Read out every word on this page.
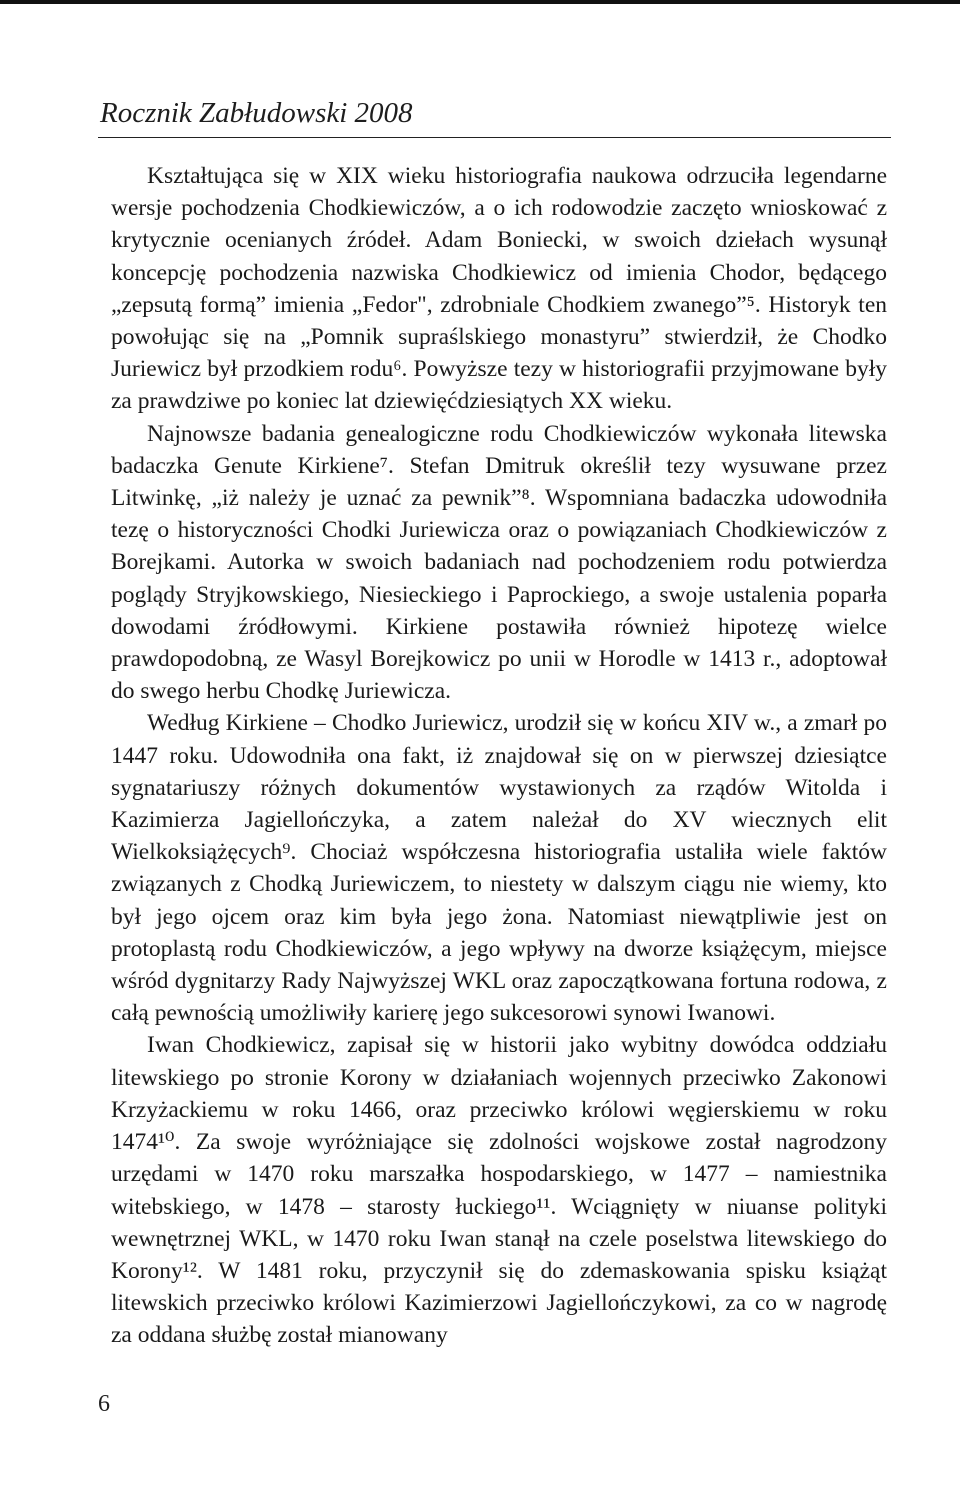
Rocznik Zabłudowski 2008

Kształtująca się w XIX wieku historiografia naukowa odrzuciła legendarne wersje pochodzenia Chodkiewiczów, a o ich rodowodzie zaczęto wnioskować z krytycznie ocenianych źródeł. Adam Boniecki, w swoich dziełach wysunął koncepcję pochodzenia nazwiska Chodkiewicz od imienia Chodor, będącego „zepsutą formą” imienia „Fedor", zdrobniale Chodkiem zwanego”⁵. Historyk ten powołując się na „Pomnik supraślskiego monastyru” stwierdził, że Chodko Juriewicz był przodkiem rodu⁶. Powyższe tezy w historiografii przyjmowane były za prawdziwe po koniec lat dziewięćdziesiątych XX wieku.

Najnowsze badania genealogiczne rodu Chodkiewiczów wykonała litewska badaczka Genute Kirkiene⁷. Stefan Dmitruk określił tezy wysuwane przez Litwinkę, „iż należy je uznać za pewnik”⁸. Wspomniana badaczka udowodniła tezę o historyczności Chodki Juriewicza oraz o powiązaniach Chodkiewiczów z Borejkami. Autorka w swoich badaniach nad pochodzeniem rodu potwierdza poglądy Stryjkowskiego, Niesieckiego i Paprockiego, a swoje ustalenia poparła dowodami źródłowymi. Kirkiene postawiła również hipotezę wielce prawdopodobną, ze Wasyl Borejkowicz po unii w Horodle w 1413 r., adoptował do swego herbu Chodkę Juriewicza.

Według Kirkiene – Chodko Juriewicz, urodził się w końcu XIV w., a zmarł po 1447 roku. Udowodniła ona fakt, iż znajdował się on w pierwszej dziesiątce sygnatariuszy różnych dokumentów wystawionych za rządów Witolda i Kazimierza Jagiellończyka, a zatem należał do XV wiecznych elit Wielkoksiążęcych⁹. Chociaż współczesna historiografia ustaliła wiele faktów związanych z Chodką Juriewiczem, to niestety w dalszym ciągu nie wiemy, kto był jego ojcem oraz kim była jego żona. Natomiast niewątpliwie jest on protoplastą rodu Chodkiewiczów, a jego wpływy na dworze książęcym, miejsce wśród dygnitarzy Rady Najwyższej WKL oraz zapoczątkowana fortuna rodowa, z całą pewnością umożliwiły karierę jego sukcesorowi synowi Iwanowi.

Iwan Chodkiewicz, zapisał się w historii jako wybitny dowódca oddziału litewskiego po stronie Korony w działaniach wojennych przeciwko Zakonowi Krzyżackiemu w roku 1466, oraz przeciwko królowi węgierskiemu w roku 1474¹⁰. Za swoje wyróżniające się zdolności wojskowe został nagrodzony urzędami w 1470 roku marszałka hospodarskiego, w 1477 – namiestnika witebskiego, w 1478 – starosty łuckiego¹¹. Wciągnięty w niuanse polityki wewnętrznej WKL, w 1470 roku Iwan stanął na czele poselstwa litewskiego do Korony¹². W 1481 roku, przyczynił się do zdemaskowania spisku książąt litewskich przeciwko królowi Kazimierzowi Jagiellończykowi, za co w nagrodę za oddana służbę został mianowany

6
